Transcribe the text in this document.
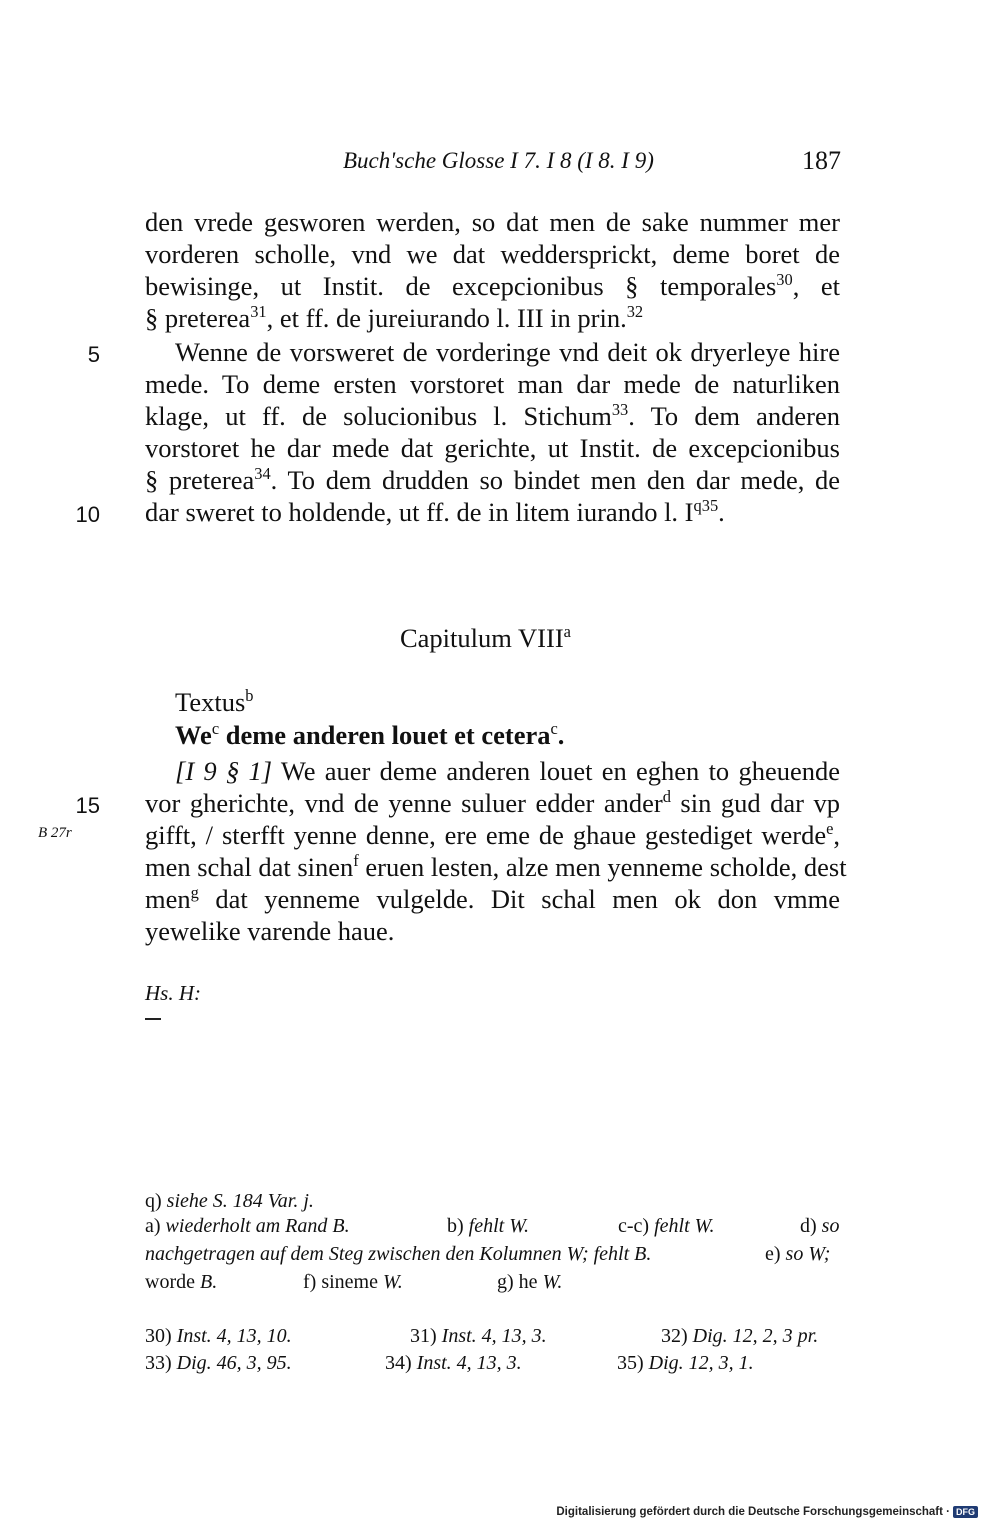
Buch'sche Glosse I 7. I 8 (I 8. I 9)	187
den vrede gesworen werden, so dat men de sake nummer mer
vorderen scholle, vnd we dat weddersprickt, deme boret de
bewisinge, ut Instit. de excepcionibus § temporales$^{30}$, et
§ preterea$^{31}$, et ff. de jureiurando l. III in prin.$^{32}$
5	Wenne de vorsweret de vorderinge vnd deit ok dryerleye hire
mede. To deme ersten vorstoret man dar mede de naturliken
klage, ut ff. de solucionibus l. Stichum$^{33}$. To dem anderen
vorstoret he dar mede dat gerichte, ut Instit. de excepcionibus
§ preterea$^{34}$. To dem drudden so bindet men den dar mede, de
10 dar sweret to holdende, ut ff. de in litem iurando l. $I^{q35}$.
Capitulum VIII$^a$
Textus$^b$
We$^c$ deme anderen louet et cetera$^c$.
[I 9 § 1] We auer deme anderen louet en eghen to gheuende
15 vor gherichte, vnd de yenne suluer edder ander$^d$ sin gud dar vp
B 27r	gifft, / sterfft yenne denne, ere eme de ghaue gestediget werde$^e$,
men schal dat sinen$^f$ eruen lesten, alze men yenneme scholde, dest
men$^g$ dat yenneme vulgelde. Dit schal men ok don vmme
yewelike varende haue.
Hs. H:
q) siehe S. 184 Var. j.
a) wiederholt am Rand B.	b) fehlt W.	c-c) fehlt W.	d) so
nachgetragen auf dem Steg zwischen den Kolumnen W; fehlt B.	e) so W;
worde B.	f) sineme W.	g) he W.
30) Inst. 4, 13, 10.	31) Inst. 4, 13, 3.	32) Dig. 12, 2, 3 pr.
33) Dig. 46, 3, 95.	34) Inst. 4, 13, 3.	35) Dig. 12, 3, 1.
Digitalisierung gefördert durch die Deutsche Forschungsgemeinschaft · DFG
